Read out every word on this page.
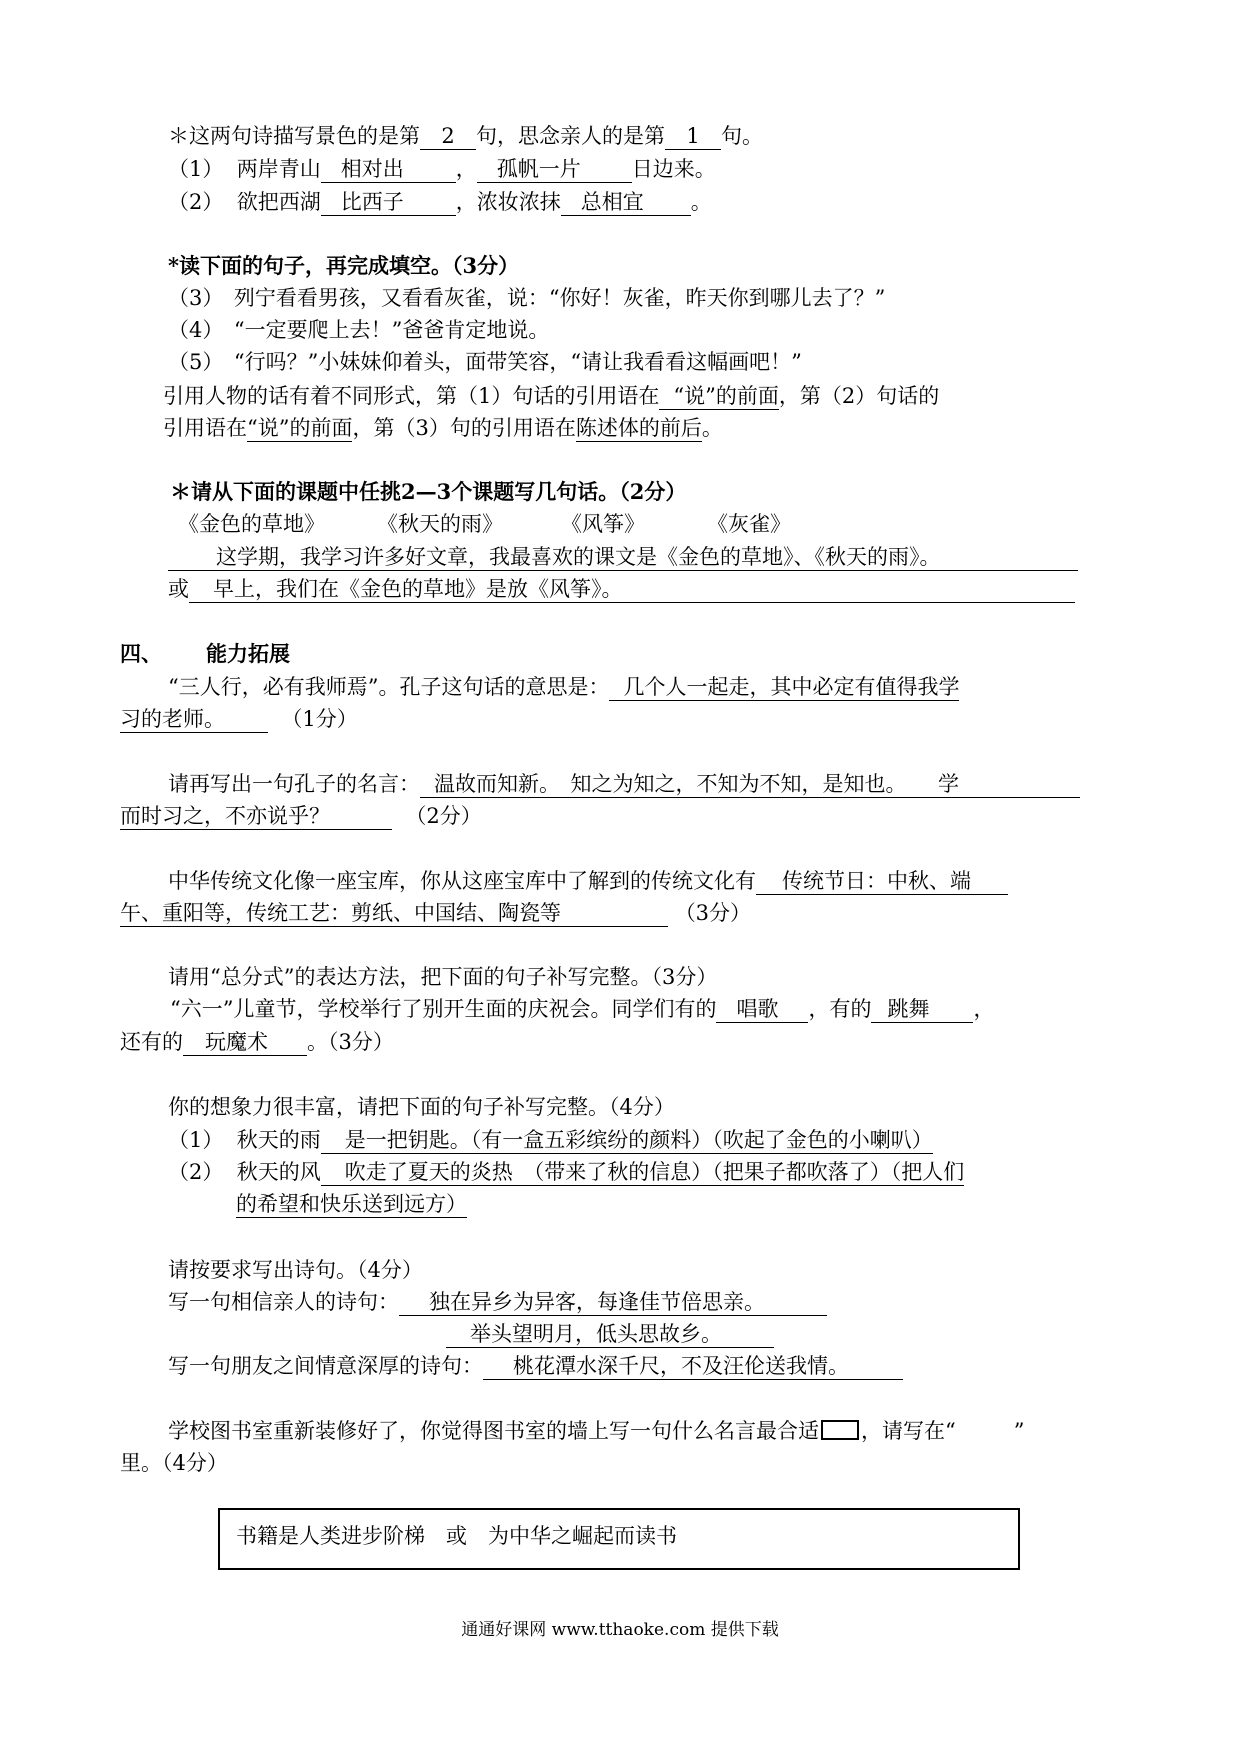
＊这两句诗描写景色的是第 2 句，思念亲人的是第 1 句。
（1） 两岸青山 相对出 ， 孤帆一片 日边来。
（2） 欲把西湖 比西子 ，浓妆浓抹 总相宜 。
*读下面的句子，再完成填空。（3分）
（3）　列宁看看男孩，又看看灰雀，说：“你好！灰雀，昨天你到哪儿去了？”
（4）　“一定要爬上去！”爸爸肯定地说。
（5）　“行吗？”小妹妹仰着头，面带笑容，“请让我看看这幅画吧！”
引用人物的话有着不同形式，第（1）句话的引用语在 “说”的前面，第（2）句话的
引用语在“说”的前面，第（3）句的引用语在陈述体的前后。
＊请从下面的课题中任挑2—3个课题写几句话。（2分）
《金色的草地》 《秋天的雨》	《风筝》	《灰雀》
这学期，我学习许多好文章，我最喜欢的课文是《金色的草地》、《秋天的雨》。
或 早上，我们在《金色的草地》是放《风筝》。
四、 能力拓展
“三人行，必有我师焉”。孔子这句话的意思是： 几个人一起走，其中必定有值得我学
习的老师。	（1分）
请再写出一句孔子的名言： 温故而知新。　知之为知之，不知为不知，是知也。　　学
而时习之，不亦说乎？	（2分）
中华传统文化像一座宝库，你从这座宝库中了解到的传统文化有 传统节日：中秋、端
午、重阳等，传统工艺：剪纸、中国结、陶瓷等	（3分）
请用“总分式”的表达方法，把下面的句子补写完整。（3分）
“六一”儿童节，学校举行了别开生面的庆祝会。同学们有的 唱歌 ，有的 跳舞 ，
还有的 玩魔术 。（3分）
你的想象力很丰富，请把下面的句子补写完整。（4分）
（1） 秋天的雨 是一把钥匙。（有一盒五彩缤纷的颜料）（吹起了金色的小喇叭）
（2） 秋天的风 吹走了夏天的炎热　（带来了秋的信息）（把果子都吹落了）（把人们
的希望和快乐送到远方）
请按要求写出诗句。（4分）
写一句相信亲人的诗句： 独在异乡为异客，每逢佳节倍思亲。
举头望明月，低头思故乡。
写一句朋友之间情意深厚的诗句： 桃花潭水深千尺，不及汪伦送我情。
学校图书室重新装修好了，你觉得图书室的墙上写一句什么名言最合适 ，请写在“	”
里。（4分）
书籍是人类进步阶梯　或　为中华之崛起而读书
通通好课网 www.tthaoke.com 提供下载
